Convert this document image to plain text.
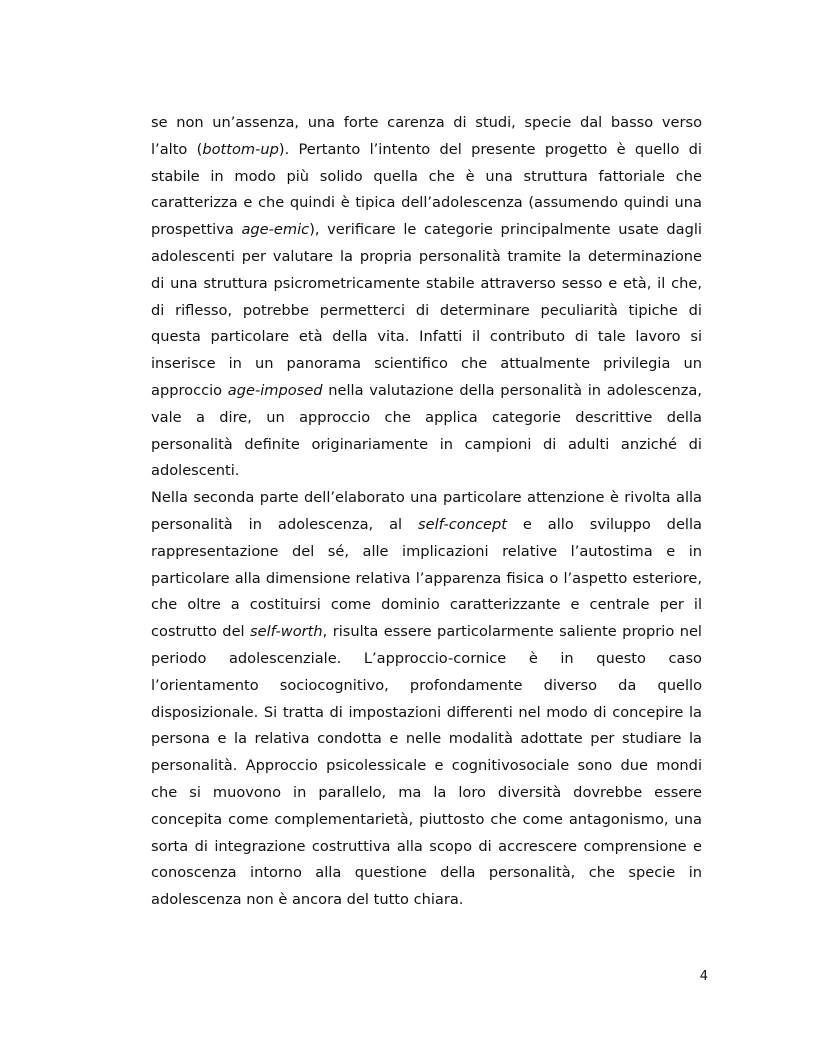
se non un’assenza, una forte carenza di studi, specie dal basso verso
l’alto (bottom-up). Pertanto l’intento del presente progetto è quello di
stabile in modo più solido quella che è una struttura fattoriale che
caratterizza e che quindi è tipica dell’adolescenza (assumendo quindi una
prospettiva age-emic), verificare le categorie principalmente usate dagli
adolescenti per valutare la propria personalità tramite la determinazione
di una struttura psicrometricamente stabile attraverso sesso e età, il che,
di riflesso, potrebbe permetterci di determinare peculiarità tipiche di
questa particolare età della vita. Infatti il contributo di tale lavoro si
inserisce in un panorama scientifico che attualmente privilegia un
approccio age-imposed nella valutazione della personalità in adolescenza,
vale a dire, un approccio che applica categorie descrittive della
personalità definite originariamente in campioni di adulti anziché di
adolescenti.
Nella seconda parte dell’elaborato una particolare attenzione è rivolta alla
personalità in adolescenza, al self-concept e allo sviluppo della
rappresentazione del sé, alle implicazioni relative l’autostima e in
particolare alla dimensione relativa l’apparenza fisica o l’aspetto esteriore,
che oltre a costituirsi come dominio caratterizzante e centrale per il
costrutto del self-worth, risulta essere particolarmente saliente proprio nel
periodo adolescenziale. L’approccio-cornice è in questo caso
l’orientamento sociocognitivo, profondamente diverso da quello
disposizionale. Si tratta di impostazioni differenti nel modo di concepire la
persona e la relativa condotta e nelle modalità adottate per studiare la
personalità. Approccio psicolessicale e cognitivosociale sono due mondi
che si muovono in parallelo, ma la loro diversità dovrebbe essere
concepita come complementarietà, piuttosto che come antagonismo, una
sorta di integrazione costruttiva alla scopo di accrescere comprensione e
conoscenza intorno alla questione della personalità, che specie in
adolescenza non è ancora del tutto chiara.
4
